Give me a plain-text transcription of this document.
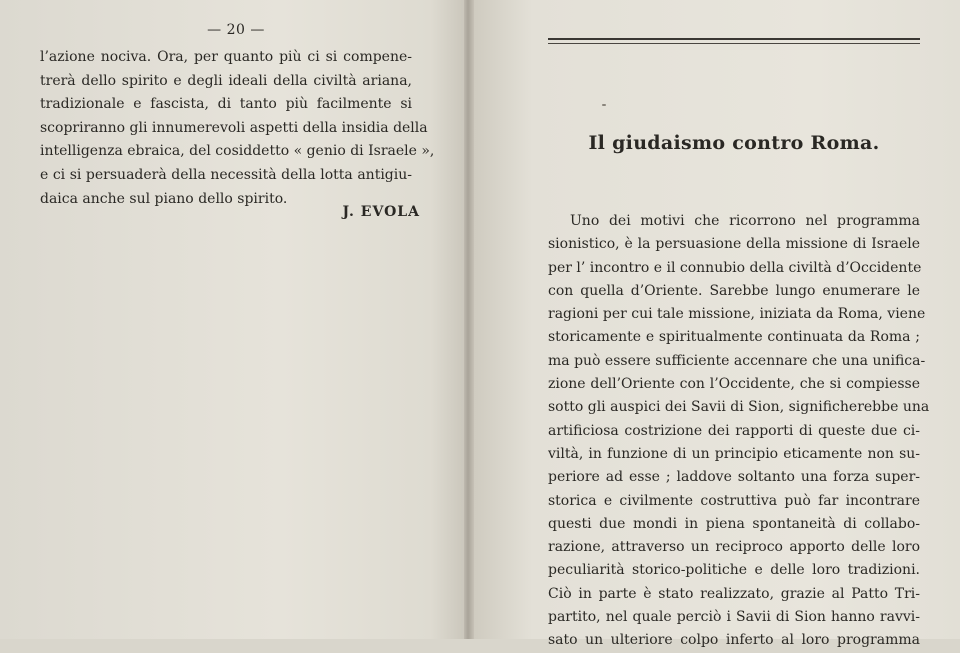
— 20 —
l’azione nociva. Ora, per quanto più ci si compene-
trerà dello spirito e degli ideali della civiltà ariana,
tradizionale e fascista, di tanto più facilmente si
scopriranno gli innumerevoli aspetti della insidia della
intelligenza ebraica, del cosiddetto « genio di Israele »,
e ci si persuaderà della necessità della lotta antigiu-
daica anche sul piano dello spirito.
J. EVOLA
Il giudaismo contro Roma.
Uno dei motivi che ricorrono nel programma
sionistico, è la persuasione della missione di Israele
per l’ incontro e il connubio della civiltà d’Occidente
con quella d’Oriente. Sarebbe lungo enumerare le
ragioni per cui tale missione, iniziata da Roma, viene
storicamente e spiritualmente continuata da Roma ;
ma può essere sufficiente accennare che una unifica-
zione dell’Oriente con l’Occidente, che si compiesse
sotto gli auspici dei Savii di Sion, significherebbe una
artificiosa costrizione dei rapporti di queste due ci-
viltà, in funzione di un principio eticamente non su-
periore ad esse ; laddove soltanto una forza super-
storica e civilmente costruttiva può far incontrare
questi due mondi in piena spontaneità di collabo-
razione, attraverso un reciproco apporto delle loro
peculiarità storico-politiche e delle loro tradizioni.
Ciò in parte è stato realizzato, grazie al Patto Tri-
partito, nel quale perciò i Savii di Sion hanno ravvi-
sato un ulteriore colpo inferto al loro programma
